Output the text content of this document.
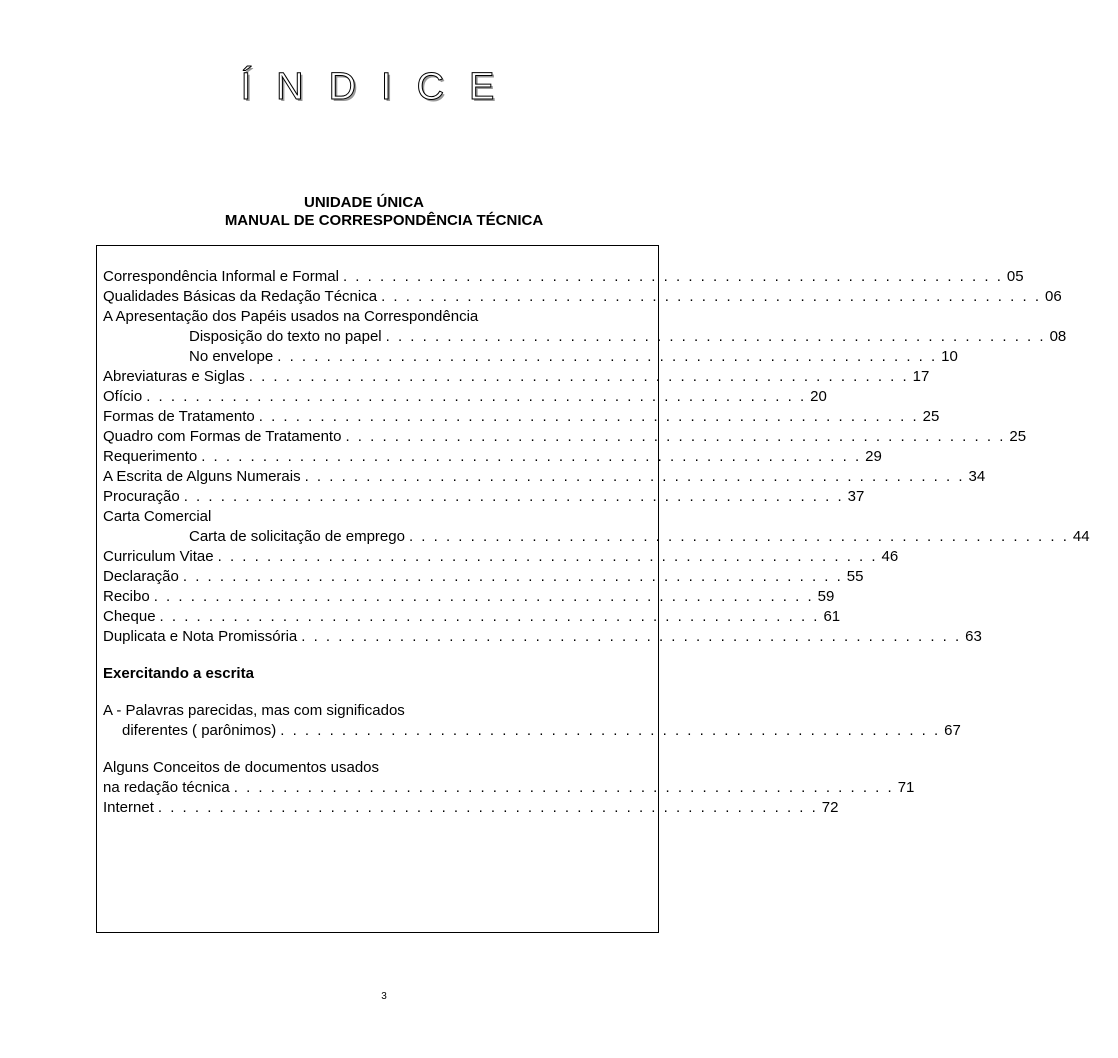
ÍNDICE
UNIDADE ÚNICA
MANUAL DE CORRESPONDÊNCIA TÉCNICA
Correspondência Informal e Formal . . . . . . . . . . . . . . . . . . . . . . . . . . . . . . . . . . . . . . . . . . . . . . . . . . . . . . 05
Qualidades Básicas da Redação Técnica . . . . . . . . . . . . . . . . . . . . . . . . . . . . . . . . . . . . . . . . . . . . . . . . . . . . . . 06
A Apresentação dos Papéis usados na Correspondência
Disposição do texto no papel . . . . . . . . . . . . . . . . . . . . . . . . . . . . . . . . . . . . . . . . . . . . . . . . . . . . . . 08
No envelope . . . . . . . . . . . . . . . . . . . . . . . . . . . . . . . . . . . . . . . . . . . . . . . . . . . . . . 10
Abreviaturas e Siglas . . . . . . . . . . . . . . . . . . . . . . . . . . . . . . . . . . . . . . . . . . . . . . . . . . . . . . 17
Ofício . . . . . . . . . . . . . . . . . . . . . . . . . . . . . . . . . . . . . . . . . . . . . . . . . . . . . . 20
Formas de Tratamento . . . . . . . . . . . . . . . . . . . . . . . . . . . . . . . . . . . . . . . . . . . . . . . . . . . . . . 25
Quadro com Formas de Tratamento . . . . . . . . . . . . . . . . . . . . . . . . . . . . . . . . . . . . . . . . . . . . . . . . . . . . . . 25
Requerimento . . . . . . . . . . . . . . . . . . . . . . . . . . . . . . . . . . . . . . . . . . . . . . . . . . . . . . 29
A Escrita de Alguns Numerais . . . . . . . . . . . . . . . . . . . . . . . . . . . . . . . . . . . . . . . . . . . . . . . . . . . . . . 34
Procuração . . . . . . . . . . . . . . . . . . . . . . . . . . . . . . . . . . . . . . . . . . . . . . . . . . . . . . 37
Carta Comercial
Carta de solicitação de emprego . . . . . . . . . . . . . . . . . . . . . . . . . . . . . . . . . . . . . . . . . . . . . . . . . . . . . . 44
Curriculum Vitae . . . . . . . . . . . . . . . . . . . . . . . . . . . . . . . . . . . . . . . . . . . . . . . . . . . . . . 46
Declaração . . . . . . . . . . . . . . . . . . . . . . . . . . . . . . . . . . . . . . . . . . . . . . . . . . . . . . 55
Recibo . . . . . . . . . . . . . . . . . . . . . . . . . . . . . . . . . . . . . . . . . . . . . . . . . . . . . . 59
Cheque . . . . . . . . . . . . . . . . . . . . . . . . . . . . . . . . . . . . . . . . . . . . . . . . . . . . . . 61
Duplicata e Nota Promissória . . . . . . . . . . . . . . . . . . . . . . . . . . . . . . . . . . . . . . . . . . . . . . . . . . . . . . 63
Exercitando a escrita
A - Palavras parecidas, mas com significados
diferentes ( parônimos) . . . . . . . . . . . . . . . . . . . . . . . . . . . . . . . . . . . . . . . . . . . . . . . . . . . . . . 67
Alguns Conceitos de documentos usados
na redação técnica . . . . . . . . . . . . . . . . . . . . . . . . . . . . . . . . . . . . . . . . . . . . . . . . . . . . . . 71
Internet . . . . . . . . . . . . . . . . . . . . . . . . . . . . . . . . . . . . . . . . . . . . . . . . . . . . . . 72
3
